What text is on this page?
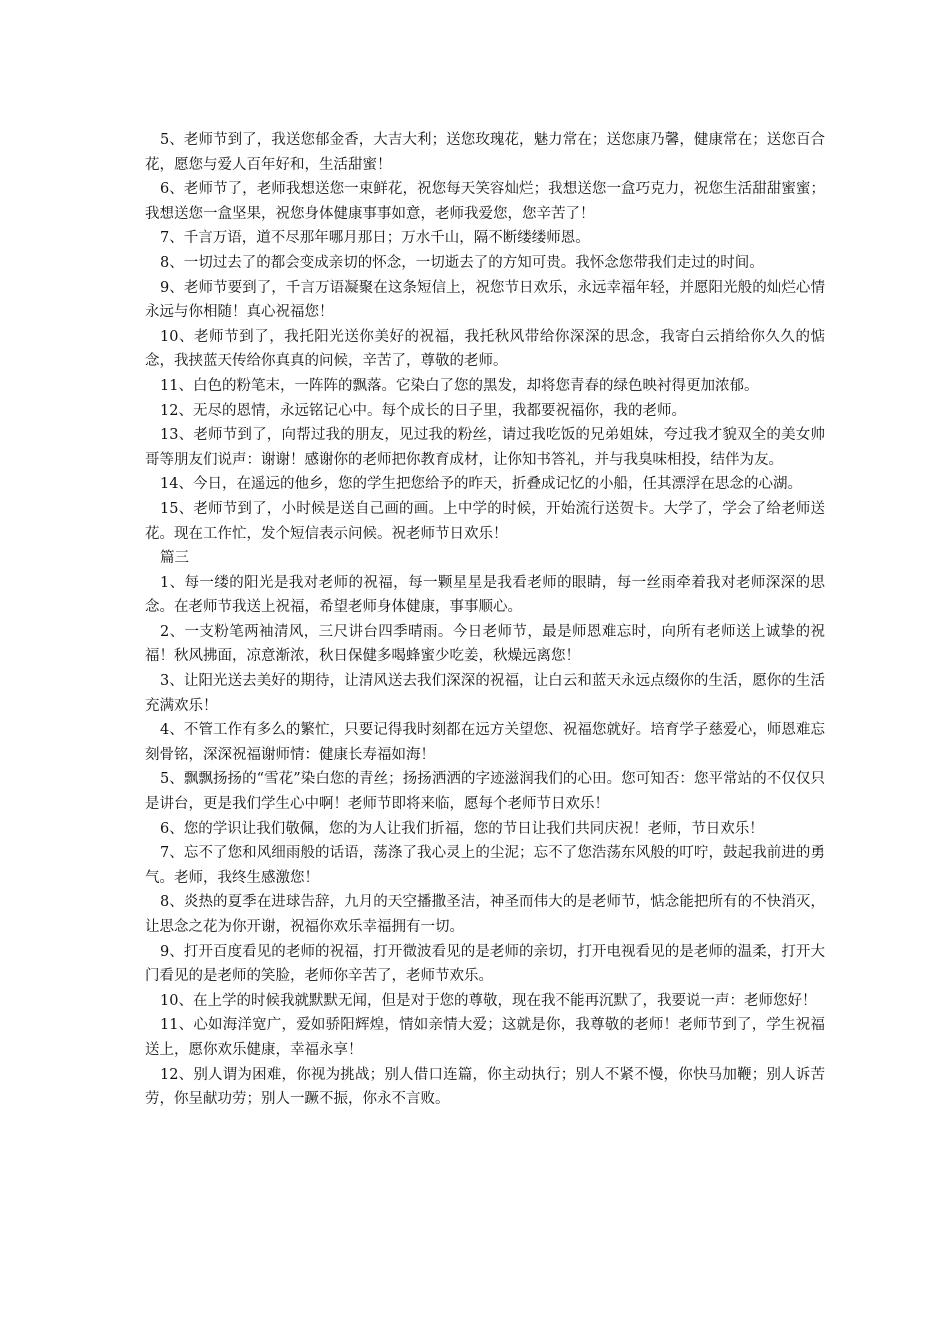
5、老师节到了，我送您郁金香，大吉大利；送您玫瑰花，魅力常在；送您康乃馨，健康常在；送您百合花，愿您与爱人百年好和，生活甜蜜！

6、老师节了，老师我想送您一束鲜花，祝您每天笑容灿烂；我想送您一盒巧克力，祝您生活甜甜蜜蜜；我想送您一盒坚果，祝您身体健康事事如意，老师我爱您，您辛苦了！

7、千言万语，道不尽那年哪月那日；万水千山，隔不断缕缕师恩。

8、一切过去了的都会变成亲切的怀念，一切逝去了的方知可贵。我怀念您带我们走过的时间。

9、老师节要到了，千言万语凝聚在这条短信上，祝您节日欢乐，永远幸福年轻，并愿阳光般的灿烂心情永远与你相随！真心祝福您！

10、老师节到了，我托阳光送你美好的祝福，我托秋风带给你深深的思念，我寄白云捎给你久久的惦念，我挟蓝天传给你真真的问候，辛苦了，尊敬的老师。

11、白色的粉笔末，一阵阵的飘落。它染白了您的黑发，却将您青春的绿色映衬得更加浓郁。

12、无尽的恩情，永远铭记心中。每个成长的日子里，我都要祝福你，我的老师。

13、老师节到了，向帮过我的朋友，见过我的粉丝，请过我吃饭的兄弟姐妹，夸过我才貌双全的美女帅哥等朋友们说声：谢谢！感谢你的老师把你教育成材，让你知书答礼，并与我臭味相投，结伴为友。

14、今日，在遥远的他乡，您的学生把您给予的昨天，折叠成记忆的小船，任其漂浮在思念的心湖。

15、老师节到了，小时候是送自己画的画。上中学的时候，开始流行送贺卡。大学了，学会了给老师送花。现在工作忙，发个短信表示问候。祝老师节日欢乐！

篇三

1、每一缕的阳光是我对老师的祝福，每一颗星星是我看老师的眼睛，每一丝雨牵着我对老师深深的思念。在老师节我送上祝福，希望老师身体健康，事事顺心。

2、一支粉笔两袖清风，三尺讲台四季晴雨。今日老师节，最是师恩难忘时，向所有老师送上诚挚的祝福！秋风拂面，凉意渐浓，秋日保健多喝蜂蜜少吃姜，秋燥远离您！

3、让阳光送去美好的期待，让清风送去我们深深的祝福，让白云和蓝天永远点缀你的生活，愿你的生活充满欢乐！

4、不管工作有多么的繁忙，只要记得我时刻都在远方关望您、祝福您就好。培育学子慈爱心，师恩难忘刻骨铭，深深祝福谢师情：健康长寿福如海！

5、飘飘扬扬的“雪花”染白您的青丝；扬扬洒洒的字迹滋润我们的心田。您可知否：您平常站的不仅仅只是讲台，更是我们学生心中啊！老师节即将来临，愿每个老师节日欢乐！

6、您的学识让我们敬佩，您的为人让我们折福，您的节日让我们共同庆祝！老师，节日欢乐！

7、忘不了您和风细雨般的话语，荡涤了我心灵上的尘泥；忘不了您浩荡东风般的叮咛，鼓起我前进的勇气。老师，我终生感激您！

8、炎热的夏季在进球告辞，九月的天空播撒圣洁，神圣而伟大的是老师节，惦念能把所有的不快消灭，让思念之花为你开谢，祝福你欢乐幸福拥有一切。

9、打开百度看见的老师的祝福，打开微波看见的是老师的亲切，打开电视看见的是老师的温柔，打开大门看见的是老师的笑脸，老师你辛苦了，老师节欢乐。

10、在上学的时候我就默默无闻，但是对于您的尊敬，现在我不能再沉默了，我要说一声：老师您好！

11、心如海洋宽广，爱如骄阳辉煌，情如亲情大爱；这就是你，我尊敬的老师！老师节到了，学生祝福送上，愿你欢乐健康，幸福永享！

12、别人谓为困难，你视为挑战；别人借口连篇，你主动执行；别人不紧不慢，你快马加鞭；别人诉苦劳，你呈献功劳；别人一蹶不振，你永不言败。
